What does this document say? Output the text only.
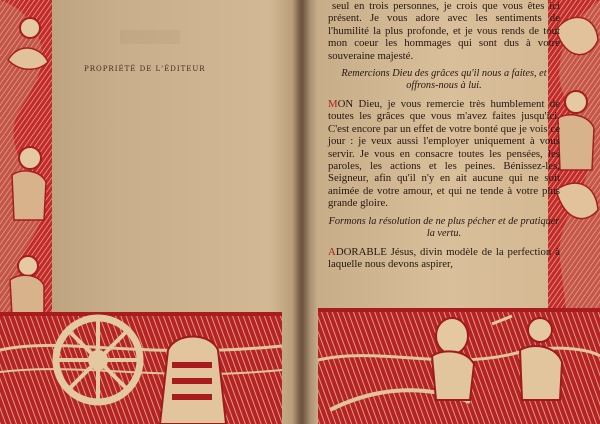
PROPRIÉTÉ DE L'ÉDITEUR

seul en trois personnes, je crois que vous êtes ici présent. Je vous adore avec les sentiments de l'humilité la plus profonde, et je vous rends de tout mon coeur les hommages qui sont dus à votre souveraine majesté.

Remercions Dieu des grâces qu'il nous a faites, et offrons-nous à lui.

MON Dieu, je vous remercie très humblement de toutes les grâces que vous m'avez faites jusqu'ici. C'est encore par un effet de votre bonté que je vois ce jour : je veux aussi l'employer uniquement à vous servir. Je vous en consacre toutes les pensées, les paroles, les actions et les peines. Bénissez-les, Seigneur, afin qu'il n'y en ait aucune qui ne soit animée de votre amour, et qui ne tende à votre plus grande gloire.

Formons la résolution de ne plus pécher et de pratiquer la vertu.

ADORABLE Jésus, divin modèle de la perfection à laquelle nous devons aspirer,
